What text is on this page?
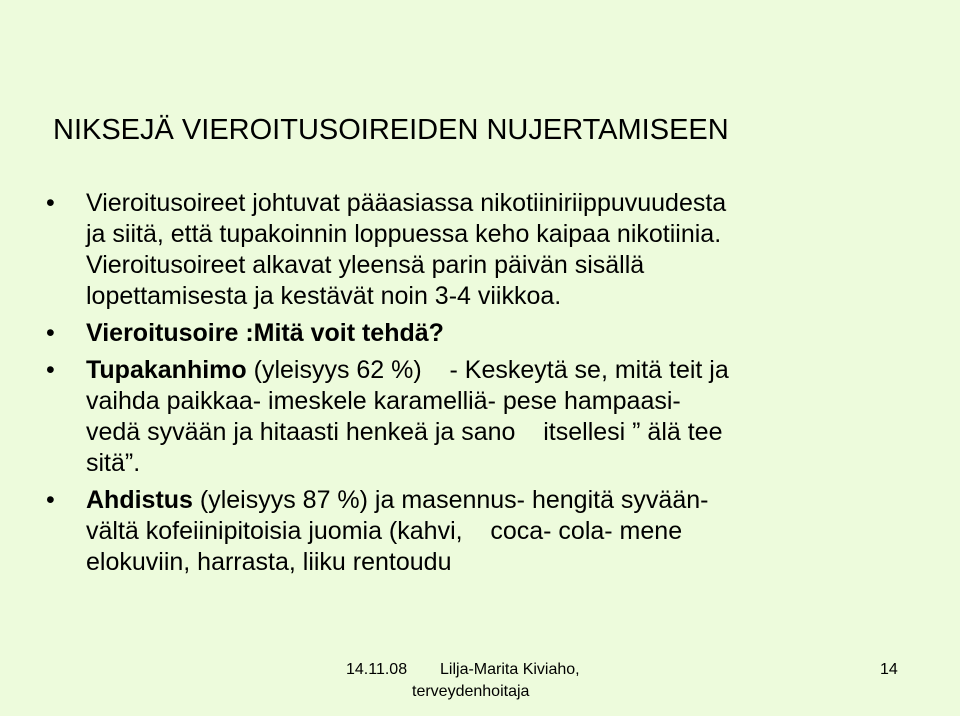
NIKSEJÄ VIEROITUSOIREIDEN NUJERTAMISEEN
•	Vieroitusoireet johtuvat pääasiassa nikotiiniriippuvuudesta
ja siitä, että tupakoinnin loppuessa keho kaipaa nikotiinia.
Vieroitusoireet alkavat yleensä parin päivän sisällä
lopettamisesta ja kestävät noin 3-4 viikkoa.
•	Vieroitusoire :Mitä voit tehdä?
•	Tupakanhimo (yleisyys 62 %)    - Keskeytä se, mitä teit ja
vaihda paikkaa- imeskele karamelliä- pese hampaasi-
vedä syvään ja hitaasti henkeä ja sano    itsellesi ” älä tee
sitä”.
•	Ahdistus (yleisyys 87 %) ja masennus- hengitä syvään-
vältä kofeiinipitoisia juomia (kahvi,    coca- cola- mene
elokuviin, harrasta, liiku rentoudu
14.11.08 Lilja-Marita Kiviaho,
terveydenhoitaja
14
